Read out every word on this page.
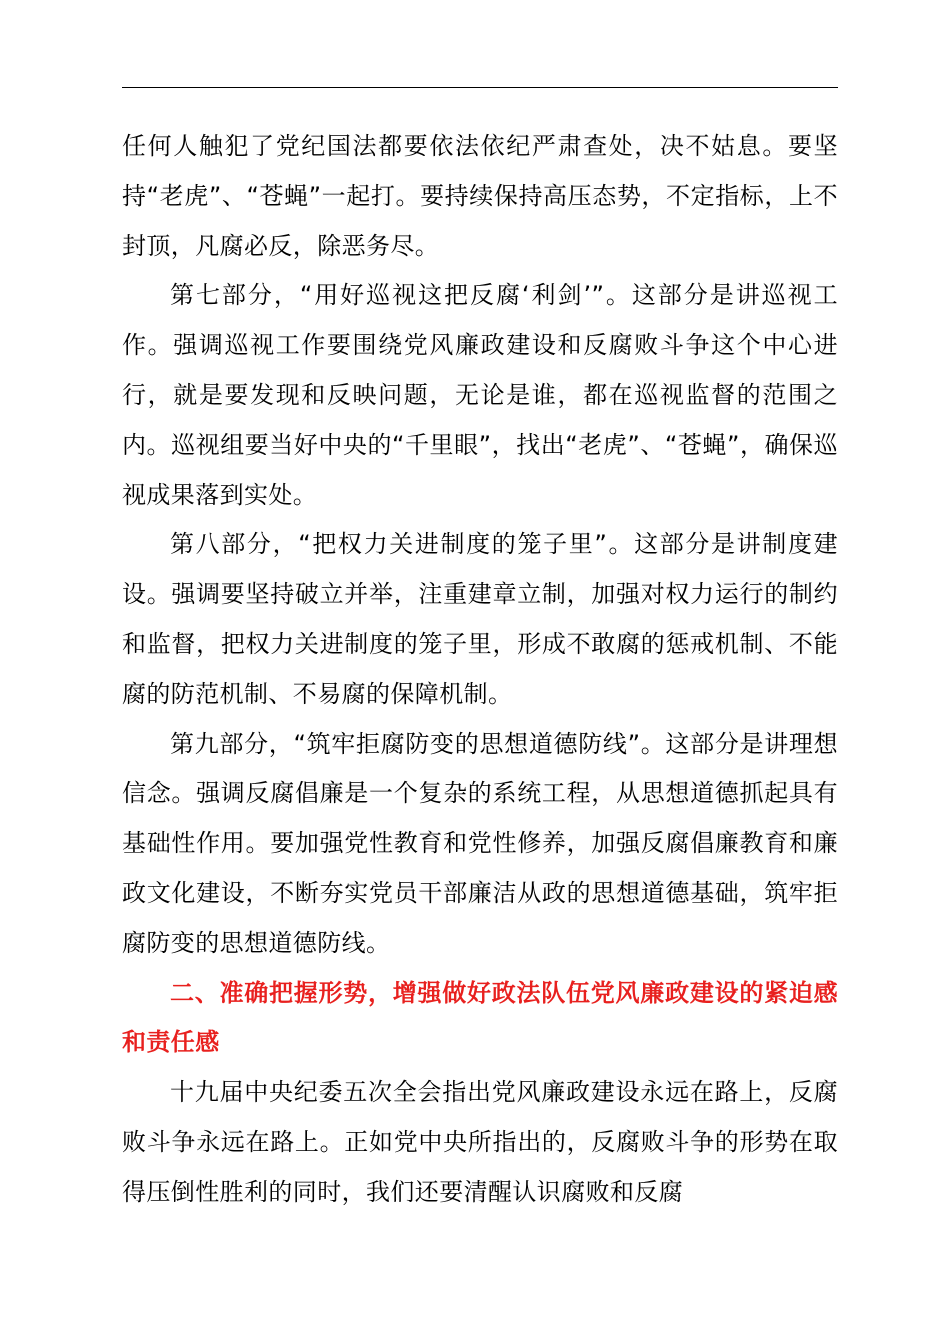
任何人触犯了党纪国法都要依法依纪严肃查处，决不姑息。要坚持“老虎”、“苍蝇”一起打。要持续保持高压态势，不定指标，上不封顶，凡腐必反，除恶务尽。

第七部分，“用好巡视这把反腐‘利剑’”。这部分是讲巡视工作。强调巡视工作要围绕党风廉政建设和反腐败斗争这个中心进行，就是要发现和反映问题，无论是谁，都在巡视监督的范围之内。巡视组要当好中央的“千里眼”，找出“老虎”、“苍蝇”，确保巡视成果落到实处。

第八部分，“把权力关进制度的笼子里”。这部分是讲制度建设。强调要坚持破立并举，注重建章立制，加强对权力运行的制约和监督，把权力关进制度的笼子里，形成不敢腐的惩戒机制、不能腐的防范机制、不易腐的保障机制。

第九部分，“筑牢拒腐防变的思想道德防线”。这部分是讲理想信念。强调反腐倡廉是一个复杂的系统工程，从思想道德抓起具有基础性作用。要加强党性教育和党性修养，加强反腐倡廉教育和廉政文化建设，不断夯实党员干部廉洁从政的思想道德基础，筑牢拒腐防变的思想道德防线。

二、准确把握形势，增强做好政法队伍党风廉政建设的紧迫感和责任感

十九届中央纪委五次全会指出党风廉政建设永远在路上，反腐败斗争永远在路上。正如党中央所指出的，反腐败斗争的形势在取得压倒性胜利的同时，我们还要清醒认识腐败和反腐
